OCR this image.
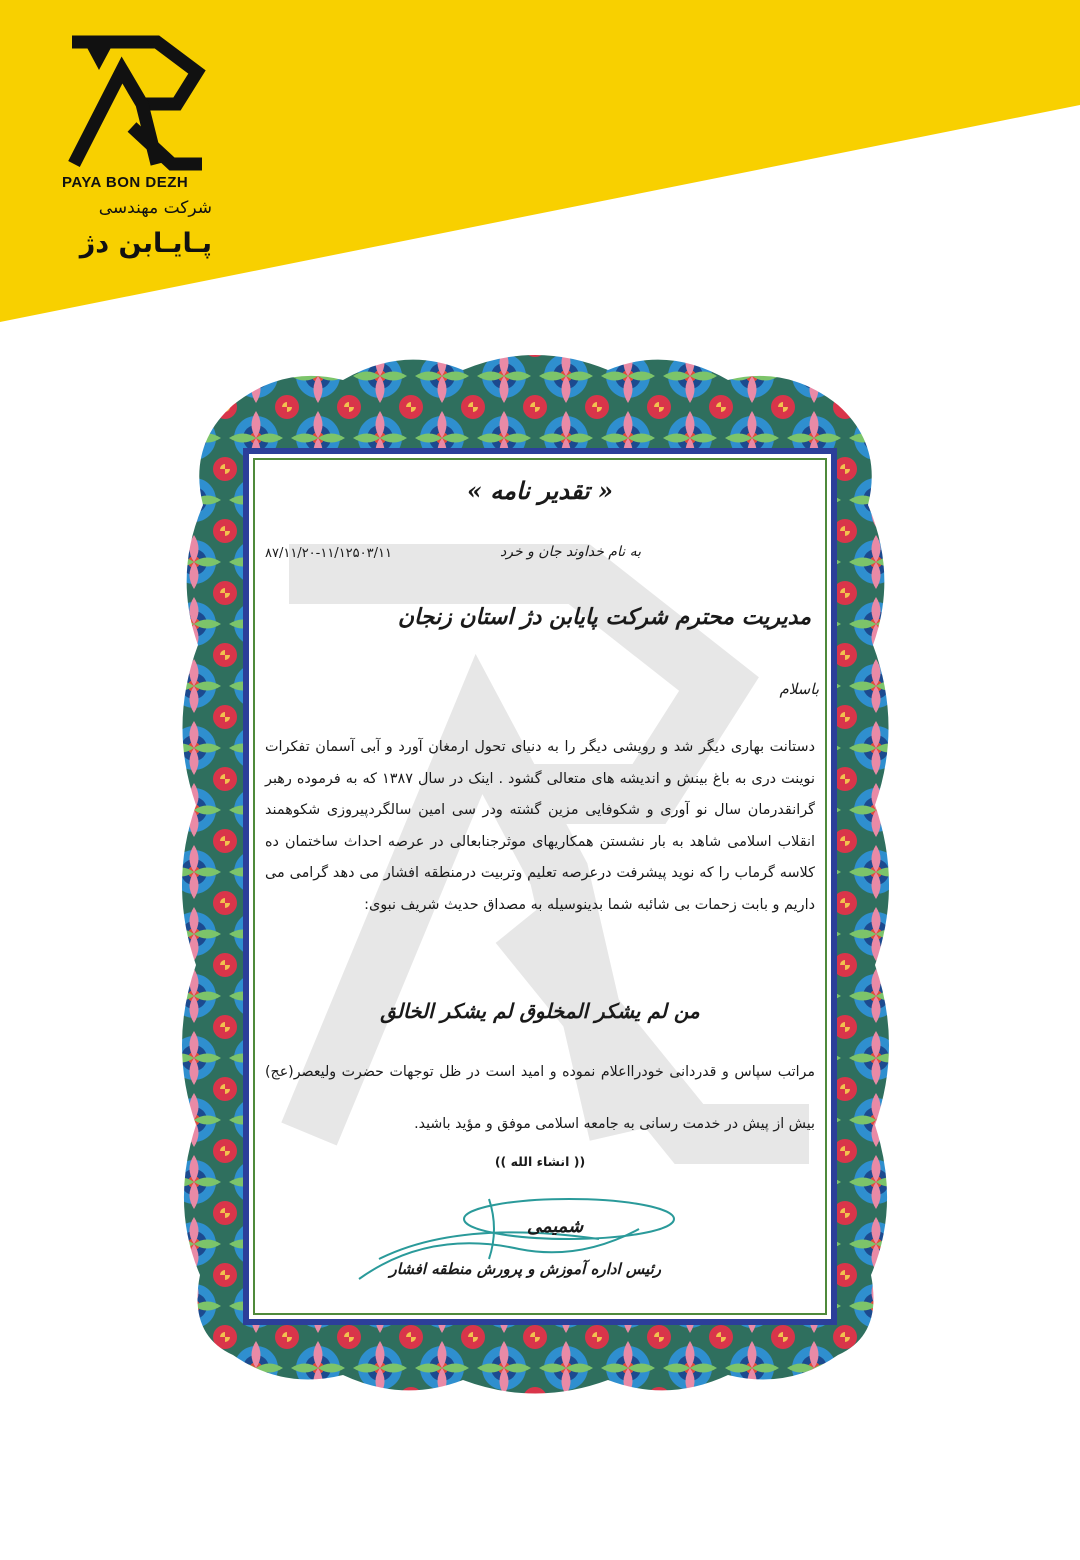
PAYA BON DEZH
شرکت مهندسی
پـایـابن دژ
« تقدیر نامه »
به نام خداوند جان و خرد
۸۷/۱۱/۲۰-۱۱/۱۲۵۰۳/۱۱
مدیریت محترم شرکت پایابن دژ استان زنجان
باسلام
دستانت بهاری دیگر شد و رویشی دیگر را به دنیای تحول ارمغان آورد و آبی آسمان تفکرات نوینت دری به باغ بینش و اندیشه های متعالی گشود . اینک در سال ۱۳۸۷ که به فرموده رهبر گرانقدرمان سال نو آوری و شکوفایی مزین گشته ودر سی امین سالگردپیروزی شکوهمند انقلاب اسلامی شاهد به بار نشستن همکاریهای موثرجنابعالی در عرصه احداث ساختمان ده کلاسه گرماب را که نوید پیشرفت درعرصه تعلیم وتربیت درمنطقه افشار می دهد گرامی می داریم و بابت زحمات بی شائبه شما بدینوسیله به مصداق حدیث شریف نبوی:
من لم یشکر المخلوق لم یشکر الخالق
مراتب سپاس و قدردانی خودرااعلام نموده و امید است در ظل توجهات حضرت ولیعصر(عج) بیش از پیش در خدمت رسانی به جامعه اسلامی موفق و مؤید باشید.
(( انشاء الله ))
شمیمی
رئیس اداره آموزش و پرورش منطقه افشار
